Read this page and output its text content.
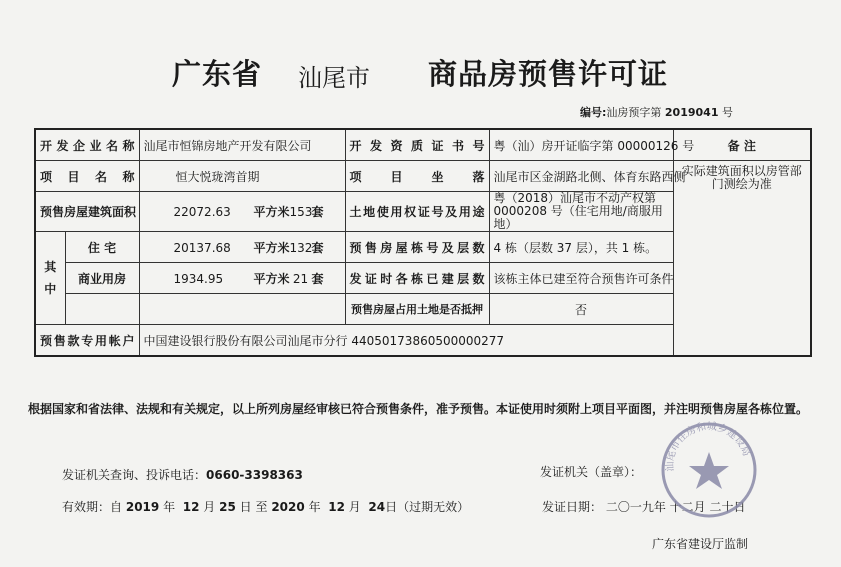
广东省 汕尾市 商品房预售许可证
编号:汕房预字第 2019041 号
开发企业名称		汕尾市恒锦房地产开发有限公司	开发资质证书号	粤（汕）房开证临字第 00000126 号	备 注
项 目 名 称		恒大悦珑湾首期	项 目 坐 落	汕尾市区金湖路北侧、体育东路西侧	实际建筑面积以房管部门测绘为准
预售房屋建筑面积		22072.63 平方米153套	土地使用权证号及用途	粤（2018）汕尾市不动产权第
0000208 号（住宅用地/商服用地）	

其中	住 宅	20137.68 平方米132套	预售房屋栋号及层数	4 栋（层数 37 层），共 1 栋。	
	商业用房	1934.95 平方米 21 套	发证时各栋已建层数	该栋主体已建至符合预售许可条件	
			预售房屋占用土地是否抵押	否	
预售款专用帐户		中国建设银行股份有限公司汕尾市分行 44050173860500000277			
根据国家和省法律、法规和有关规定，以上所列房屋经审核已符合预售条件，准予预售。本证使用时须附上项目平面图，并注明预售房屋各栋位置。
发证机关查询、投诉电话：0660-3398363	发证机关（盖章）：
有效期：自 2019 年 12 月 25 日 至 2020 年 12 月 24日（过期无效）	发证日期： 二〇一九年 十二月 二十日
广东省建设厅监制
汕尾市住房和城乡建设局
